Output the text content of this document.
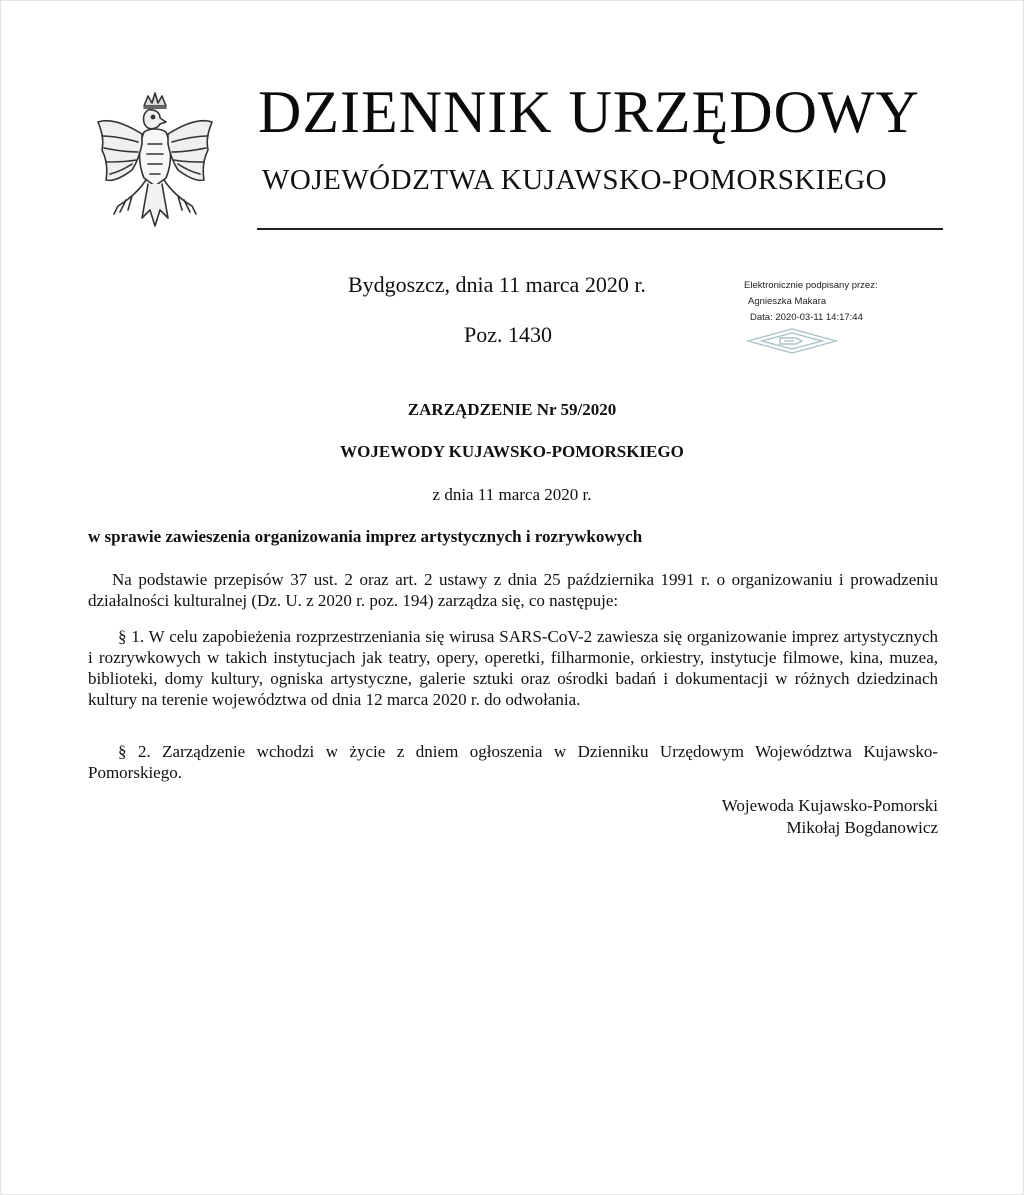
DZIENNIK URZĘDOWY
WOJEWÓDZTWA KUJAWSKO-POMORSKIEGO
Bydgoszcz, dnia 11 marca 2020 r.
Poz. 1430
Elektronicznie podpisany przez:
Agnieszka Makara
Data: 2020-03-11 14:17:44
ZARZĄDZENIE Nr 59/2020
WOJEWODY KUJAWSKO-POMORSKIEGO
z dnia 11 marca 2020 r.
w sprawie zawieszenia organizowania imprez artystycznych i rozrywkowych
Na podstawie przepisów 37 ust. 2 oraz art. 2 ustawy z dnia 25 października 1991 r. o organizowaniu i prowadzeniu działalności kulturalnej (Dz. U. z 2020 r. poz. 194) zarządza się, co następuje:
§ 1. W celu zapobieżenia rozprzestrzeniania się wirusa SARS-CoV-2 zawiesza się organizowanie imprez artystycznych i rozrywkowych w takich instytucjach jak teatry, opery, operetki, filharmonie, orkiestry, instytucje filmowe, kina, muzea, biblioteki, domy kultury, ogniska artystyczne, galerie sztuki oraz ośrodki badań i dokumentacji w różnych dziedzinach kultury na terenie województwa od dnia 12 marca 2020 r. do odwołania.
§ 2. Zarządzenie wchodzi w życie z dniem ogłoszenia w Dzienniku Urzędowym Województwa Kujawsko-Pomorskiego.
Wojewoda Kujawsko-Pomorski
Mikołaj Bogdanowicz
